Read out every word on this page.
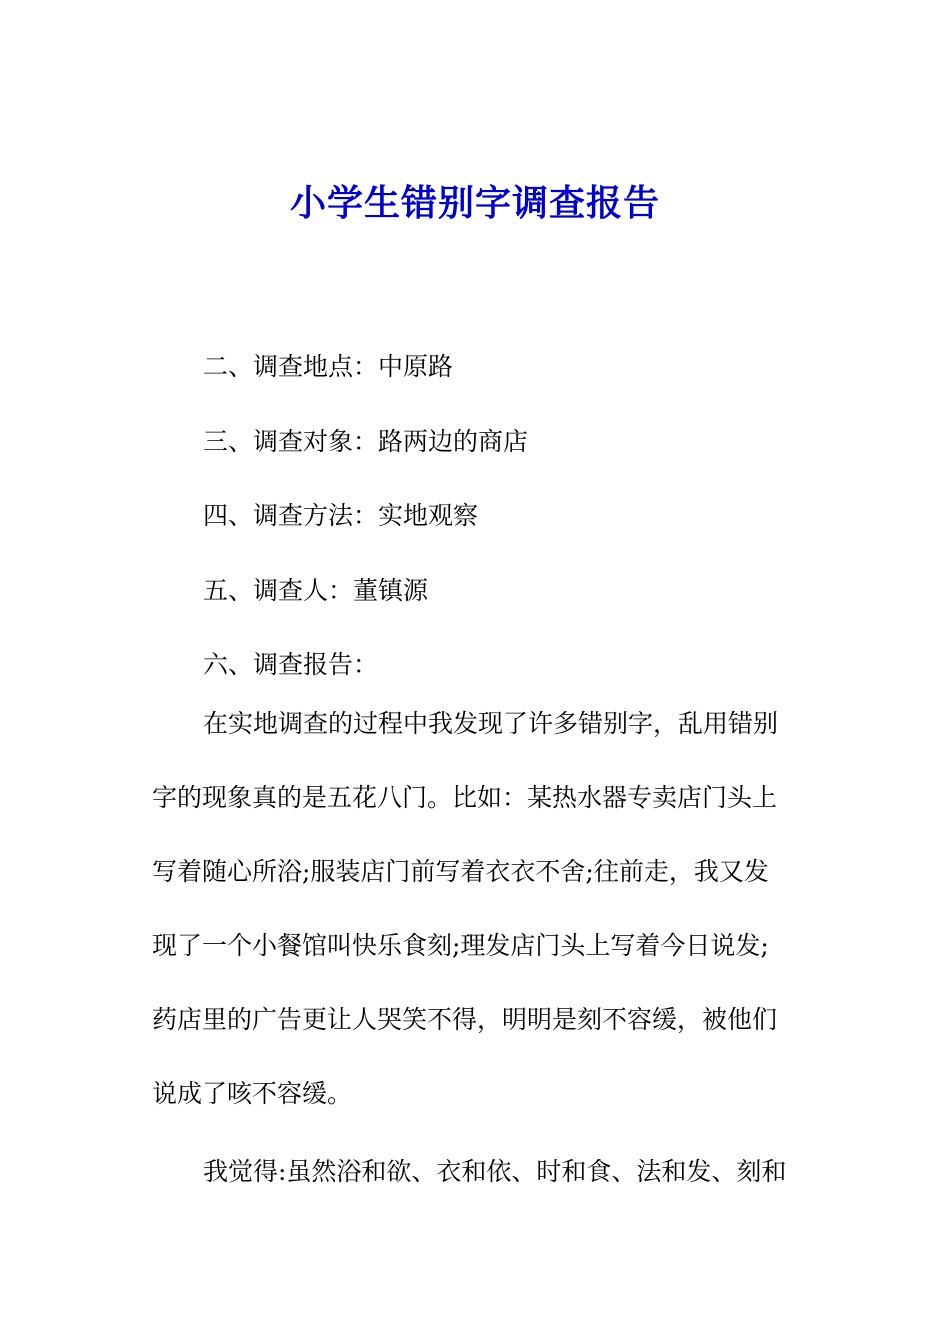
小学生错别字调查报告
二、调查地点：中原路
三、调查对象：路两边的商店
四、调查方法：实地观察
五、调查人：董镇源
六、调查报告：
在实地调查的过程中我发现了许多错别字，乱用错别
字的现象真的是五花八门。比如：某热水器专卖店门头上
写着随心所浴;服装店门前写着衣衣不舍;往前走，我又发
现了一个小餐馆叫快乐食刻;理发店门头上写着今日说发;
药店里的广告更让人哭笑不得，明明是刻不容缓，被他们
说成了咳不容缓。
我觉得:虽然浴和欲、衣和依、时和食、法和发、刻和
